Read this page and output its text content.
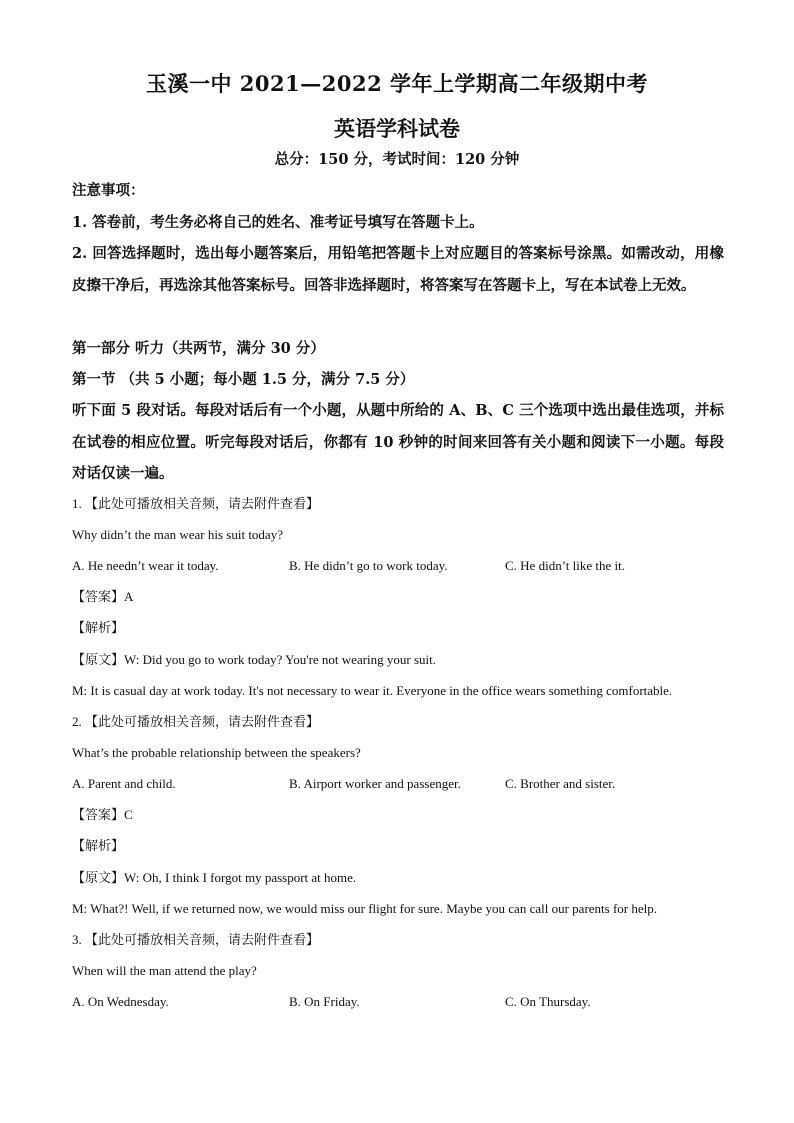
玉溪一中 2021—2022 学年上学期高二年级期中考
英语学科试卷
总分：150 分，考试时间：120 分钟
注意事项：
1. 答卷前，考生务必将自己的姓名、准考证号填写在答题卡上。
2. 回答选择题时，选出每小题答案后，用铅笔把答题卡上对应题目的答案标号涂黑。如需改动，用橡皮擦干净后，再选涂其他答案标号。回答非选择题时，将答案写在答题卡上，写在本试卷上无效。
第一部分 听力（共两节，满分 30 分）
第一节 （共 5 小题；每小题 1.5 分，满分 7.5 分）
听下面 5 段对话。每段对话后有一个小题，从题中所给的 A、B、C 三个选项中选出最佳选项，并标在试卷的相应位置。听完每段对话后，你都有 10 秒钟的时间来回答有关小题和阅读下一小题。每段对话仅读一遍。
1. 【此处可播放相关音频，请去附件查看】
Why didn’t the man wear his suit today?
A. He needn’t wear it today.	B. He didn’t go to work today.	C. He didn’t like the it.
【答案】A
【解析】
【原文】W: Did you go to work today? You're not wearing your suit.
M: It is casual day at work today. It's not necessary to wear it. Everyone in the office wears something comfortable.
2. 【此处可播放相关音频，请去附件查看】
What’s the probable relationship between the speakers?
A. Parent and child.	B. Airport worker and passenger.	C. Brother and sister.
【答案】C
【解析】
【原文】W: Oh, I think I forgot my passport at home.
M: What?! Well, if we returned now, we would miss our flight for sure. Maybe you can call our parents for help.
3. 【此处可播放相关音频，请去附件查看】
When will the man attend the play?
A. On Wednesday.	B. On Friday.	C. On Thursday.
